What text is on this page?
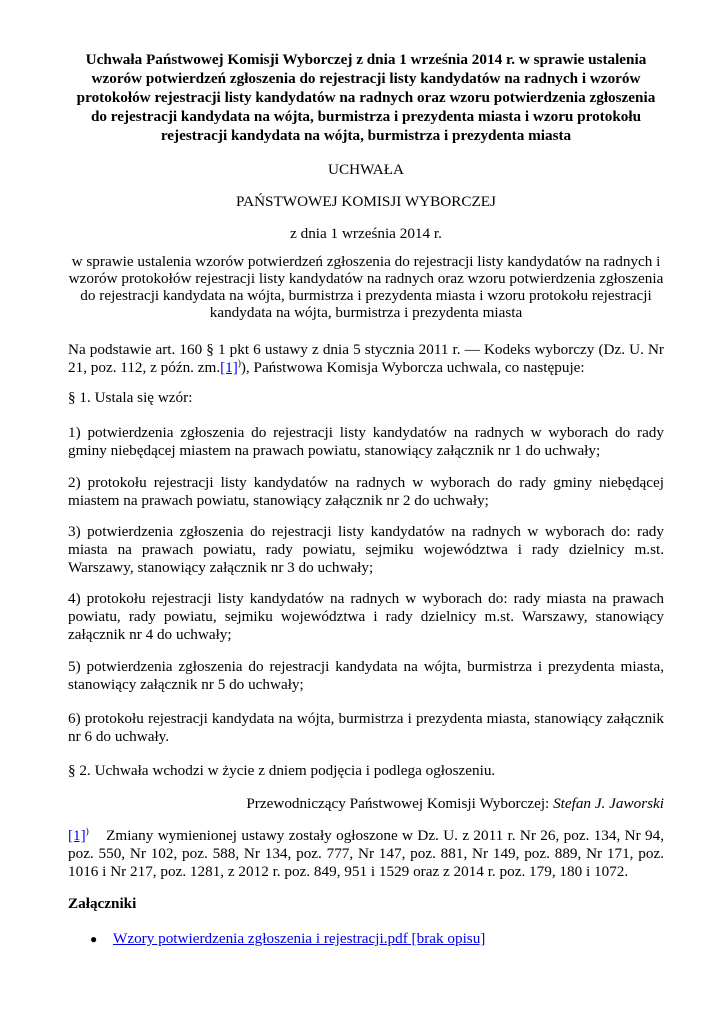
Uchwała Państwowej Komisji Wyborczej z dnia 1 września 2014 r. w sprawie ustalenia wzorów potwierdzeń zgłoszenia do rejestracji listy kandydatów na radnych i wzorów protokołów rejestracji listy kandydatów na radnych oraz wzoru potwierdzenia zgłoszenia do rejestracji kandydata na wójta, burmistrza i prezydenta miasta i wzoru protokołu rejestracji kandydata na wójta, burmistrza i prezydenta miasta
UCHWAŁA
PAŃSTWOWEJ KOMISJI WYBORCZEJ
z dnia 1 września 2014 r.
w sprawie ustalenia wzorów potwierdzeń zgłoszenia do rejestracji listy kandydatów na radnych i wzorów protokołów rejestracji listy kandydatów na radnych oraz wzoru potwierdzenia zgłoszenia do rejestracji kandydata na wójta, burmistrza i prezydenta miasta i wzoru protokołu rejestracji kandydata na wójta, burmistrza i prezydenta miasta
Na podstawie art. 160 § 1 pkt 6 ustawy z dnia 5 stycznia 2011 r. — Kodeks wyborczy (Dz. U. Nr 21, poz. 112, z późn. zm.[1])), Państwowa Komisja Wyborcza uchwala, co następuje:
§ 1. Ustala się wzór:
1) potwierdzenia zgłoszenia do rejestracji listy kandydatów na radnych w wyborach do rady gminy niebędącej miastem na prawach powiatu, stanowiący załącznik nr 1 do uchwały;
2) protokołu rejestracji listy kandydatów na radnych w wyborach do rady gminy niebędącej miastem na prawach powiatu, stanowiący załącznik nr 2 do uchwały;
3) potwierdzenia zgłoszenia do rejestracji listy kandydatów na radnych w wyborach do: rady miasta na prawach powiatu, rady powiatu, sejmiku województwa i rady dzielnicy m.st. Warszawy, stanowiący załącznik nr 3 do uchwały;
4) protokołu rejestracji listy kandydatów na radnych w wyborach do: rady miasta na prawach powiatu, rady powiatu, sejmiku województwa i rady dzielnicy m.st. Warszawy, stanowiący załącznik nr 4 do uchwały;
5) potwierdzenia zgłoszenia do rejestracji kandydata na wójta, burmistrza i prezydenta miasta, stanowiący załącznik nr 5 do uchwały;
6) protokołu rejestracji kandydata na wójta, burmistrza i prezydenta miasta, stanowiący załącznik nr 6 do uchwały.
§ 2. Uchwała wchodzi w życie z dniem podjęcia i podlega ogłoszeniu.
Przewodniczący Państwowej Komisji Wyborczej: Stefan J. Jaworski
[1]) Zmiany wymienionej ustawy zostały ogłoszone w Dz. U. z 2011 r. Nr 26, poz. 134, Nr 94, poz. 550, Nr 102, poz. 588, Nr 134, poz. 777, Nr 147, poz. 881, Nr 149, poz. 889, Nr 171, poz. 1016 i Nr 217, poz. 1281, z 2012 r. poz. 849, 951 i 1529 oraz z 2014 r. poz. 179, 180 i 1072.
Załączniki
● Wzory potwierdzenia zgłoszenia i rejestracji.pdf [brak opisu]
